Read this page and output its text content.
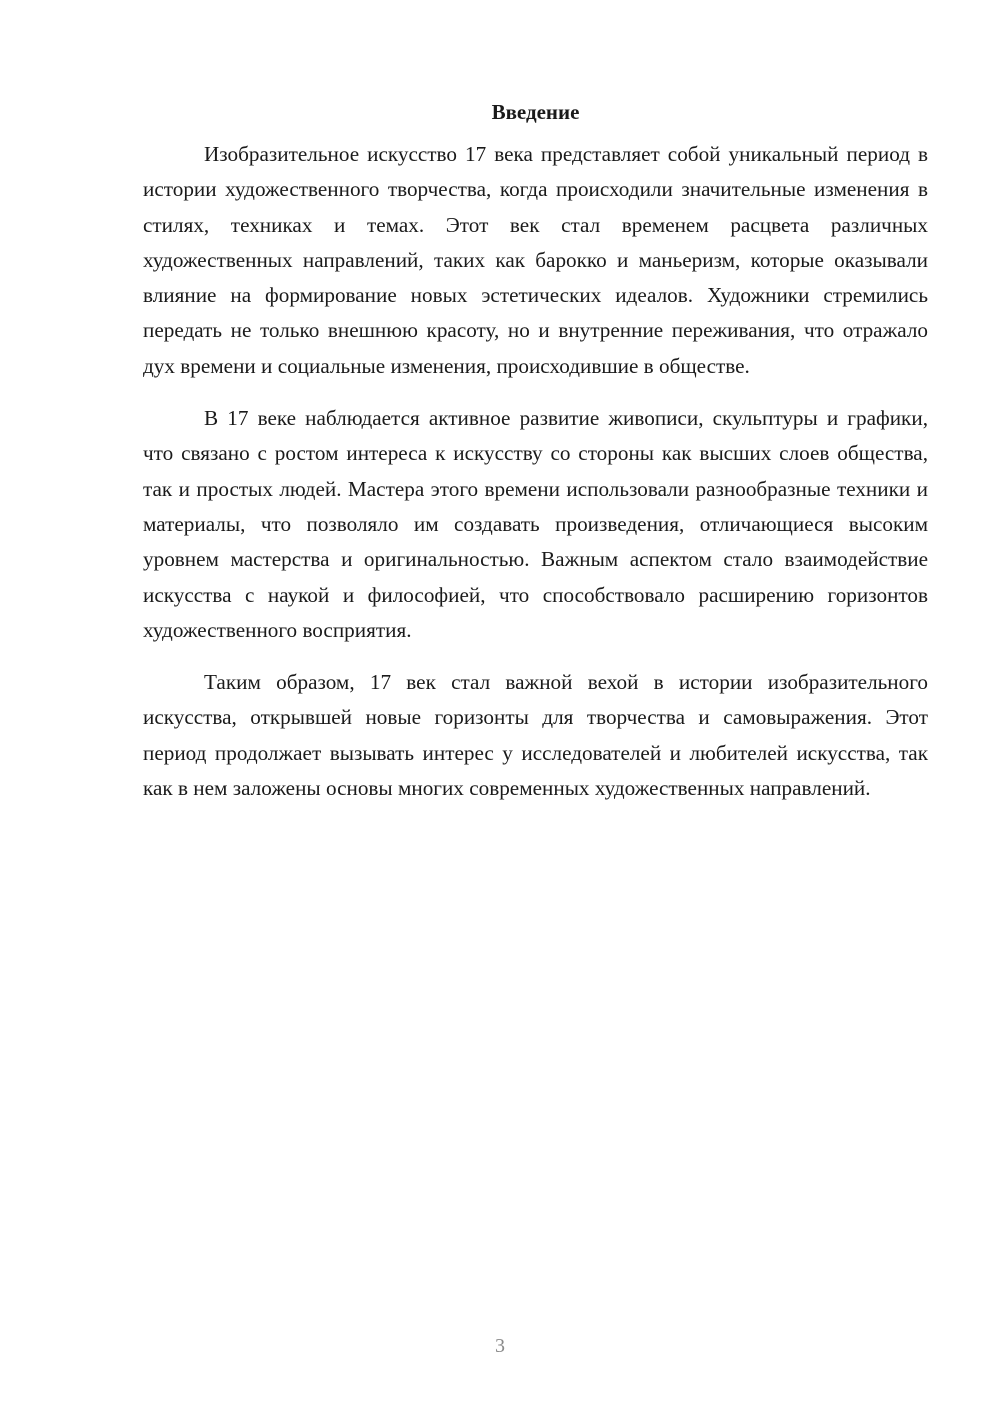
Введение

Изобразительное искусство 17 века представляет собой уникальный период в истории художественного творчества, когда происходили значительные изменения в стилях, техниках и темах. Этот век стал временем расцвета различных художественных направлений, таких как барокко и маньеризм, которые оказывали влияние на формирование новых эстетических идеалов. Художники стремились передать не только внешнюю красоту, но и внутренние переживания, что отражало дух времени и социальные изменения, происходившие в обществе.

В 17 веке наблюдается активное развитие живописи, скульптуры и графики, что связано с ростом интереса к искусству со стороны как высших слоев общества, так и простых людей. Мастера этого времени использовали разнообразные техники и материалы, что позволяло им создавать произведения, отличающиеся высоким уровнем мастерства и оригинальностью. Важным аспектом стало взаимодействие искусства с наукой и философией, что способствовало расширению горизонтов художественного восприятия.

Таким образом, 17 век стал важной вехой в истории изобразительного искусства, открывшей новые горизонты для творчества и самовыражения. Этот период продолжает вызывать интерес у исследователей и любителей искусства, так как в нем заложены основы многих современных художественных направлений.

3
